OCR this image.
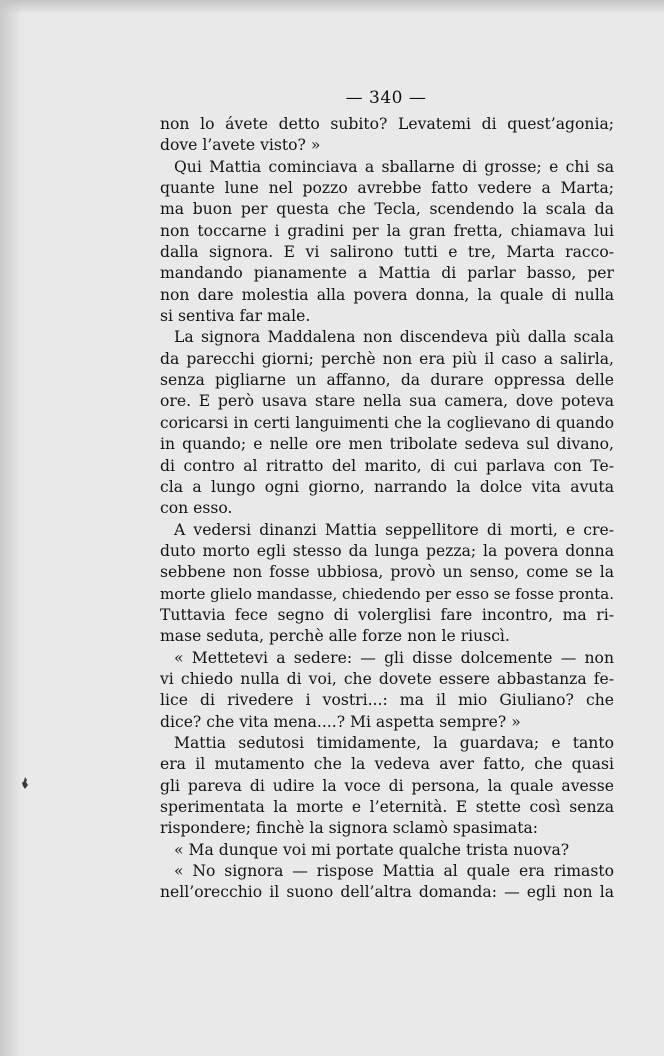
— 340 —
non lo ávete detto subito? Levatemi di quest’agonia;
dove l’avete visto? »
Qui Mattia cominciava a sballarne di grosse; e chi sa
quante lune nel pozzo avrebbe fatto vedere a Marta;
ma buon per questa che Tecla, scendendo la scala da
non toccarne i gradini per la gran fretta, chiamava lui
dalla signora. E vi salirono tutti e tre, Marta racco-
mandando pianamente a Mattia di parlar basso, per
non dare molestia alla povera donna, la quale di nulla
si sentiva far male.
La signora Maddalena non discendeva più dalla scala
da parecchi giorni; perchè non era più il caso a salirla,
senza pigliarne un affanno, da durare oppressa delle
ore. E però usava stare nella sua camera, dove poteva
coricarsi in certi languimenti che la coglievano di quando
in quando; e nelle ore men tribolate sedeva sul divano,
di contro al ritratto del marito, di cui parlava con Te-
cla a lungo ogni giorno, narrando la dolce vita avuta
con esso.
A vedersi dinanzi Mattia seppellitore di morti, e cre-
duto morto egli stesso da lunga pezza; la povera donna
sebbene non fosse ubbiosa, provò un senso, come se la
morte glielo mandasse, chiedendo per esso se fosse pronta.
Tuttavia fece segno di volerglisi fare incontro, ma ri-
mase seduta, perchè alle forze non le riuscì.
« Mettetevi a sedere: — gli disse dolcemente — non
vi chiedo nulla di voi, che dovete essere abbastanza fe-
lice di rivedere i vostri...: ma il mio Giuliano? che
dice? che vita mena....? Mi aspetta sempre? »
Mattia sedutosi timidamente, la guardava; e tanto
era il mutamento che la vedeva aver fatto, che quasi
gli pareva di udire la voce di persona, la quale avesse
sperimentata la morte e l’eternità. E stette così senza
rispondere; finchè la signora sclamò spasimata:
« Ma dunque voi mi portate qualche trista nuova?
« No signora — rispose Mattia al quale era rimasto
nell’orecchio il suono dell’altra domanda: — egli non la
